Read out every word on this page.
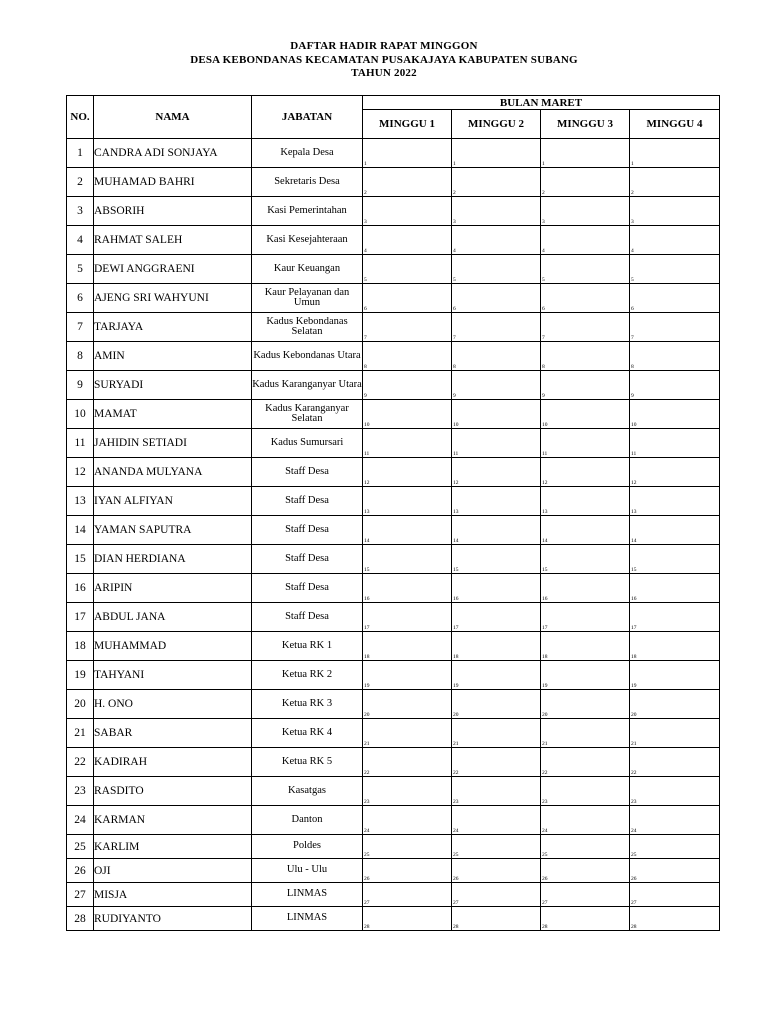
DAFTAR HADIR RAPAT MINGGON
DESA KEBONDANAS KECAMATAN PUSAKAJAYA KABUPATEN SUBANG
TAHUN 2022
NO.	NAMA	JABATAN	BULAN MARET			
			MINGGU 1	MINGGU 2	MINGGU 3	MINGGU 4
1	CANDRA ADI SONJAYA	Kepala Desa	1	1	1	1

2	MUHAMAD BAHRI	Sekretaris Desa	2	2	2	2

3	ABSORIH	Kasi Pemerintahan	3	3	3	3

4	RAHMAT SALEH	Kasi Kesejahteraan	4	4	4	4

5	DEWI ANGGRAENI	Kaur Keuangan	5	5	5	5

6	AJENG SRI WAHYUNI	Kaur Pelayanan dan Umun	6	6	6	6

7	TARJAYA	Kadus Kebondanas Selatan	7	7	7	7

8	AMIN	Kadus Kebondanas Utara	8	8	8	8

9	SURYADI	Kadus Karanganyar Utara	9	9	9	9

10	MAMAT	Kadus Karanganyar Selatan	10	10	10	10

11	JAHIDIN SETIADI	Kadus Sumursari	11	11	11	11

12	ANANDA MULYANA	Staff Desa	12	12	12	12

13	IYAN ALFIYAN	Staff Desa	13	13	13	13

14	YAMAN SAPUTRA	Staff Desa	14	14	14	14

15	DIAN HERDIANA	Staff Desa	15	15	15	15

16	ARIPIN	Staff Desa	16	16	16	16

17	ABDUL JANA	Staff Desa	17	17	17	17

18	MUHAMMAD	Ketua RK 1	18	18	18	18

19	TAHYANI	Ketua RK 2	19	19	19	19

20	H. ONO	Ketua RK 3	20	20	20	20

21	SABAR	Ketua RK 4	21	21	21	21

22	KADIRAH	Ketua RK 5	22	22	22	22

23	RASDITO	Kasatgas	23	23	23	23

24	KARMAN	Danton	24	24	24	24

25	KARLIM	Poldes	25	25	25	25

26	OJI	Ulu - Ulu	26	26	26	26

27	MISJA	LINMAS	27	27	27	27

28	RUDIYANTO	LINMAS	28	28	28	28
